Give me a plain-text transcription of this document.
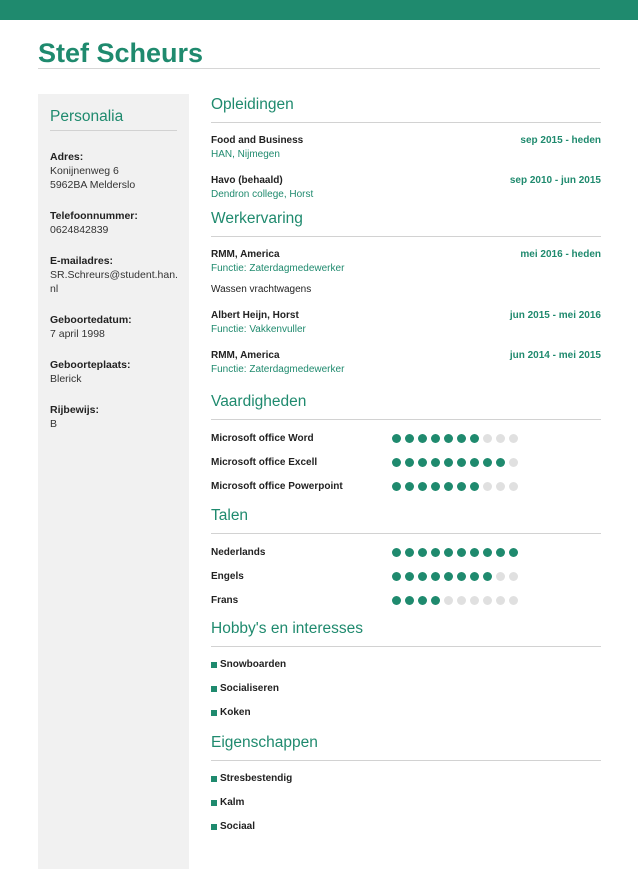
Stef Scheurs
Personalia
Adres:
Konijnenweg 6
5962BA Melderslo
Telefoonnummer:
0624842839
E-mailadres:
SR.Schreurs@student.han.nl
Geboortedatum:
7 april 1998
Geboorteplaats:
Blerick
Rijbewijs:
B
Opleidingen
Food and Business	sep 2015 - heden
HAN, Nijmegen
Havo (behaald)	sep 2010 - jun 2015
Dendron college, Horst
Werkervaring
RMM, America	mei 2016 - heden
Functie: Zaterdagmedewerker
Wassen vrachtwagens
Albert Heijn, Horst	jun 2015 - mei 2016
Functie: Vakkenvuller
RMM, America	jun 2014 - mei 2015
Functie: Zaterdagmedewerker
Vaardigheden
Microsoft office Word
Microsoft office Excell
Microsoft office Powerpoint
Talen
Nederlands
Engels
Frans
Hobby's en interesses
Snowboarden
Socialiseren
Koken
Eigenschappen
Stresbestendig
Kalm
Sociaal
